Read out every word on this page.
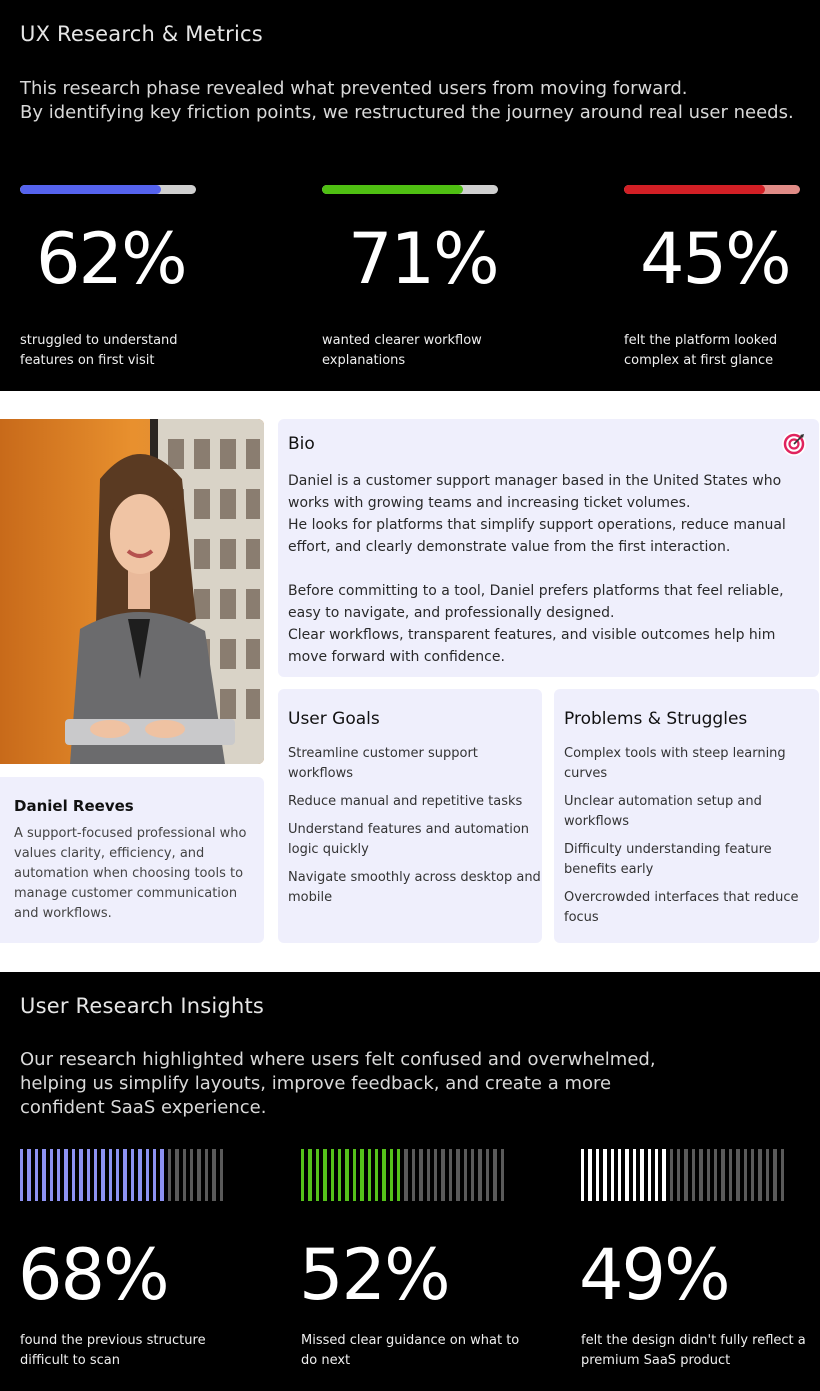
UX Research & Metrics
This research phase revealed what prevented users from moving forward.
By identifying key friction points, we restructured the journey around real user needs.
62%
struggled to understand
features on first visit
71%
wanted clearer workflow
explanations
45%
felt the platform looked
complex at first glance
Daniel Reeves
A support-focused professional who
values clarity, efficiency, and
automation when choosing tools to
manage customer communication
and workflows.
Bio
Daniel is a customer support manager based in the United States who
works with growing teams and increasing ticket volumes.
He looks for platforms that simplify support operations, reduce manual
effort, and clearly demonstrate value from the first interaction.
Before committing to a tool, Daniel prefers platforms that feel reliable,
easy to navigate, and professionally designed.
Clear workflows, transparent features, and visible outcomes help him
move forward with confidence.
User Goals
Streamline customer support
workflows
Reduce manual and repetitive tasks
Understand features and automation
logic quickly
Navigate smoothly across desktop and
mobile
Problems & Struggles
Complex tools with steep learning
curves
Unclear automation setup and
workflows
Difficulty understanding feature
benefits early
Overcrowded interfaces that reduce
focus
User Research Insights
Our research highlighted where users felt confused and overwhelmed,
helping us simplify layouts, improve feedback, and create a more
confident SaaS experience.
68%
found the previous structure
difficult to scan
52%
Missed clear guidance on what to
do next
49%
felt the design didn't fully reflect a
premium SaaS product
